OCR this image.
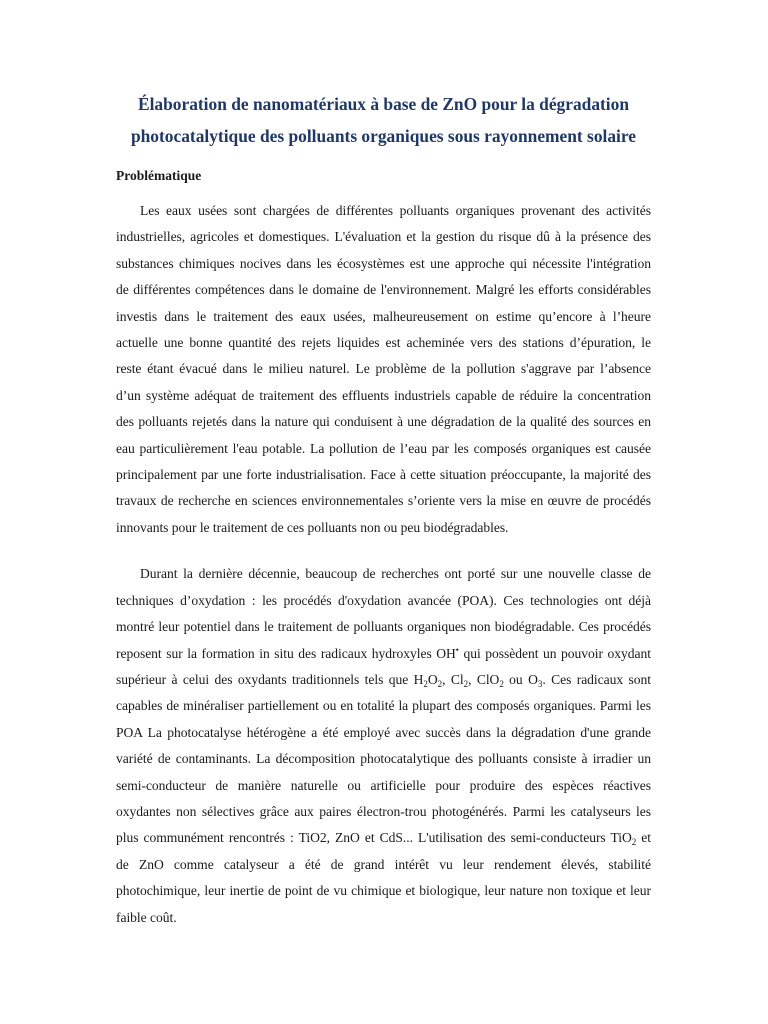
Élaboration de nanomatériaux à base de ZnO pour la dégradation
photocatalytique des polluants organiques sous rayonnement solaire
Problématique
Les eaux usées sont chargées de différentes polluants organiques provenant des activités
industrielles, agricoles et domestiques. L'évaluation et la gestion du risque dû à la présence des
substances chimiques nocives dans les écosystèmes est une approche qui nécessite l'intégration
de différentes compétences dans le domaine de l'environnement. Malgré les efforts considérables
investis dans le traitement des eaux usées, malheureusement on estime qu’encore à l’heure
actuelle une bonne quantité des rejets liquides est acheminée vers des stations d’épuration, le
reste étant évacué dans le milieu naturel. Le problème de la pollution s'aggrave par l’absence
d’un système adéquat de traitement des effluents industriels capable de réduire la concentration
des polluants rejetés dans la nature qui conduisent à une dégradation de la qualité des sources en
eau particulièrement l'eau potable. La pollution de l’eau par les composés organiques est causée
principalement par une forte industrialisation. Face à cette situation préoccupante, la majorité des
travaux de recherche en sciences environnementales s’oriente vers la mise en œuvre de procédés
innovants pour le traitement de ces polluants non ou peu biodégradables.
Durant la dernière décennie, beaucoup de recherches ont porté sur une nouvelle classe de
techniques d’oxydation : les procédés d'oxydation avancée (POA). Ces technologies ont déjà
montré leur potentiel dans le traitement de polluants organiques non biodégradable. Ces procédés
reposent sur la formation in situ des radicaux hydroxyles OH• qui possèdent un pouvoir oxydant
supérieur à celui des oxydants traditionnels tels que $H_2O_2$, $Cl_2$, ClO$_2$ ou $O_3$. Ces radicaux sont
capables de minéraliser partiellement ou en totalité la plupart des composés organiques. Parmi les
POA La photocatalyse hétérogène a été employé avec succès dans la dégradation d'une grande
variété de contaminants. La décomposition photocatalytique des polluants consiste à irradier un
semi-conducteur de manière naturelle ou artificielle pour produire des espèces réactives
oxydantes non sélectives grâce aux paires électron-trou photogénérés. Parmi les catalyseurs les
plus communément rencontrés : TiO2, ZnO et CdS... L'utilisation des semi-conducteurs TiO$_2$ et
de ZnO comme catalyseur a été de grand intérêt vu leur rendement élevés, stabilité
photochimique, leur inertie de point de vu chimique et biologique, leur nature non toxique et leur
faible coût.
